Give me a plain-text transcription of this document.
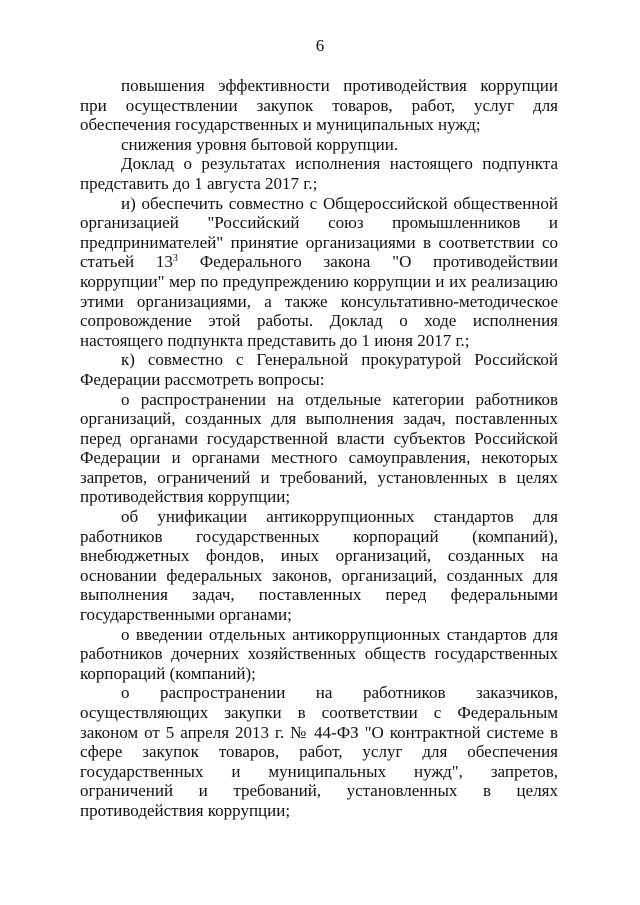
6

повышения эффективности противодействия коррупции при осуществлении закупок товаров, работ, услуг для обеспечения государственных и муниципальных нужд;

снижения уровня бытовой коррупции.

Доклад о результатах исполнения настоящего подпункта представить до 1 августа 2017 г.;

и) обеспечить совместно с Общероссийской общественной организацией "Российский союз промышленников и предпринимателей" принятие организациями в соответствии со статьей $13^3$ Федерального закона "О противодействии коррупции" мер по предупреждению коррупции и их реализацию этими организациями, а также консультативно-методическое сопровождение этой работы. Доклад о ходе исполнения настоящего подпункта представить до 1 июня 2017 г.;

к) совместно с Генеральной прокуратурой Российской Федерации рассмотреть вопросы:

о распространении на отдельные категории работников организаций, созданных для выполнения задач, поставленных перед органами государственной власти субъектов Российской Федерации и органами местного самоуправления, некоторых запретов, ограничений и требований, установленных в целях противодействия коррупции;

об унификации антикоррупционных стандартов для работников государственных корпораций (компаний), внебюджетных фондов, иных организаций, созданных на основании федеральных законов, организаций, созданных для выполнения задач, поставленных перед федеральными государственными органами;

о введении отдельных антикоррупционных стандартов для работников дочерних хозяйственных обществ государственных корпораций (компаний);

о распространении на работников заказчиков, осуществляющих закупки в соответствии с Федеральным законом от 5 апреля 2013 г. № 44-ФЗ "О контрактной системе в сфере закупок товаров, работ, услуг для обеспечения государственных и муниципальных нужд", запретов, ограничений и требований, установленных в целях противодействия коррупции;
